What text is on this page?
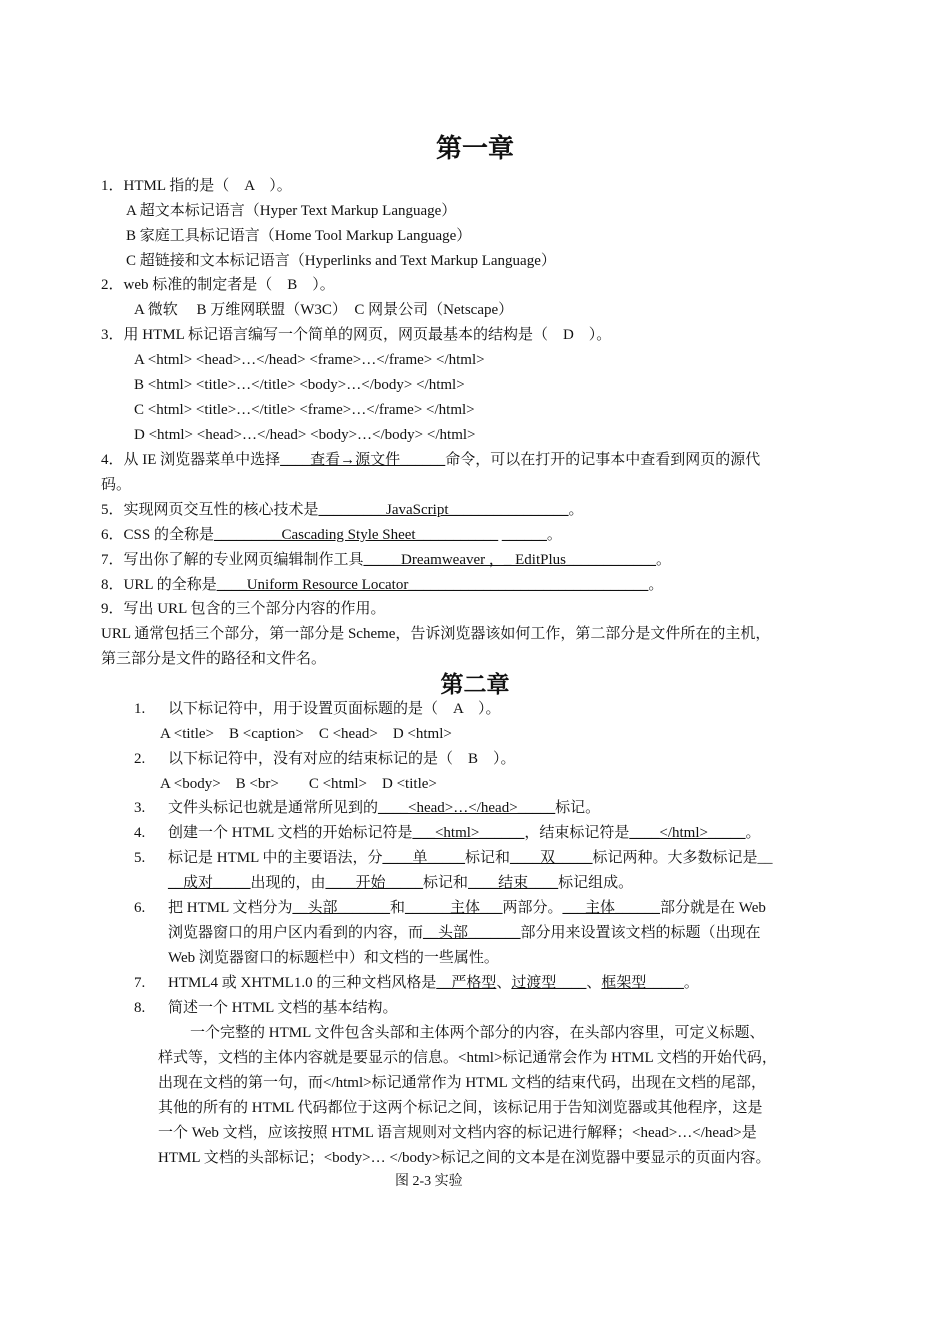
第一章
1．HTML 指的是（　A　）。
A 超文本标记语言（Hyper Text Markup Language）
B 家庭工具标记语言（Home Tool Markup Language）
C 超链接和文本标记语言（Hyperlinks and Text Markup Language）
2．web 标准的制定者是（　B　）。
A 微软　 B 万维网联盟（W3C）　C 网景公司（Netscape）
3．用 HTML 标记语言编写一个简单的网页，网页最基本的结构是（　D　）。
A <html> <head>…</head> <frame>…</frame> </html>
B <html> <title>…</title> <body>…</body> </html>
C <html> <title>…</title> <frame>…</frame> </html>
D <html> <head>…</head> <body>…</body> </html>
4．从 IE 浏览器菜单中选择____查看→源文件______命令，可以在打开的记事本中查看到网页的源代
码。
5．实现网页交互性的核心技术是_________JavaScript________________。
6．CSS 的全称是_________Cascading Style Sheet___________ ______。
7．写出你了解的专业网页编辑制作工具_____Dreamweaver ，_ EditPlus____________。
8．URL 的全称是____Uniform Resource Locator________________________________。
9．写出 URL 包含的三个部分内容的作用。
URL 通常包括三个部分，第一部分是 Scheme，告诉浏览器该如何工作，第二部分是文件所在的主机，
第三部分是文件的路径和文件名。
第二章
1. 以下标记符中，用于设置页面标题的是（　A　）。
A <title>　B <caption>　C <head>　D <html>
2. 以下标记符中，没有对应的结束标记的是（　B　）。
A <body>　B <br>　　C <html>　D <title>
3. 文件头标记也就是通常所见到的____<head>…</head>_____标记。
4. 创建一个 HTML 文档的开始标记符是___<html>______，结束标记符是____</html>_____。
5. 标记是 HTML 中的主要语法，分____单_____标记和____双_____标记两种。大多数标记是__
__成对_____出现的，由____开始_____标记和____结束____标记组成。
6. 把 HTML 文档分为__头部_______和______主体___两部分。___主体______部分就是在 Web
浏览器窗口的用户区内看到的内容，而__头部_______部分用来设置该文档的标题（出现在
Web 浏览器窗口的标题栏中）和文档的一些属性。
7. HTML4 或 XHTML1.0 的三种文档风格是__严格型、过渡型____、框架型_____。
8. 简述一个 HTML 文档的基本结构。
一个完整的 HTML 文件包含头部和主体两个部分的内容，在头部内容里，可定义标题、
样式等，文档的主体内容就是要显示的信息。<html>标记通常会作为 HTML 文档的开始代码，
出现在文档的第一句，而</html>标记通常作为 HTML 文档的结束代码，出现在文档的尾部，
其他的所有的 HTML 代码都位于这两个标记之间，该标记用于告知浏览器或其他程序，这是
一个 Web 文档，应该按照 HTML 语言规则对文档内容的标记进行解释；<head>…</head>是
HTML 文档的头部标记；<body>… </body>标记之间的文本是在浏览器中要显示的页面内容。
图 2-3 实验
